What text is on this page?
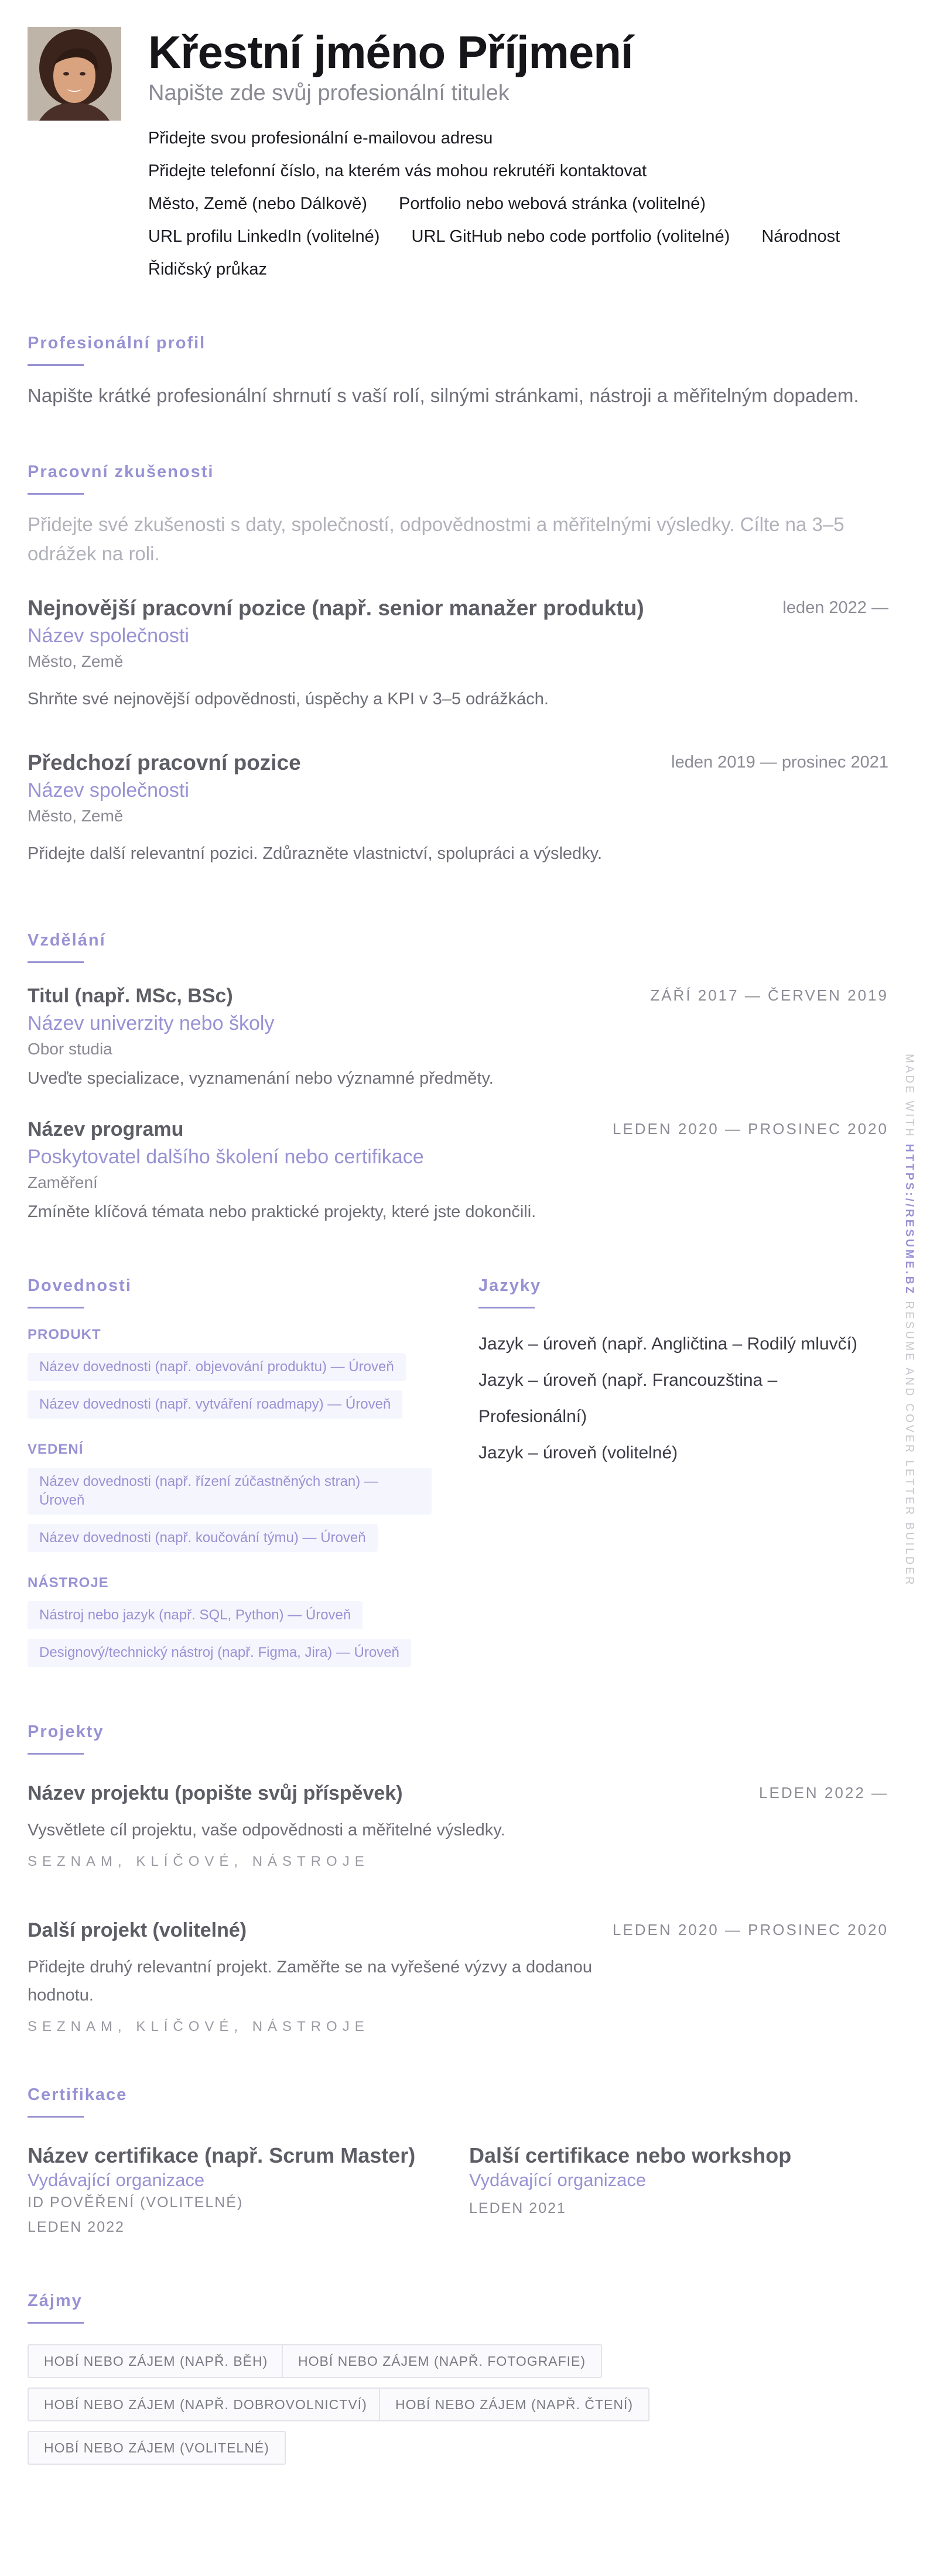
Křestní jméno Příjmení
Napište zde svůj profesionální titulek
Přidejte svou profesionální e-mailovou adresu
Přidejte telefonní číslo, na kterém vás mohou rekrutéři kontaktovat
Město, Země (nebo Dálkově) Portfolio nebo webová stránka (volitelné)
URL profilu LinkedIn (volitelné) URL GitHub nebo code portfolio (volitelné) Národnost
Řidičský průkaz
Profesionální profil
Napište krátké profesionální shrnutí s vaší rolí, silnými stránkami, nástroji a měřitelným dopadem.
Pracovní zkušenosti
Přidejte své zkušenosti s daty, společností, odpovědnostmi a měřitelnými výsledky. Cílte na 3–5 odrážek na roli.
Nejnovější pracovní pozice (např. senior manažer produktu)	leden 2022 —
Název společnosti
Město, Země
Shrňte své nejnovější odpovědnosti, úspěchy a KPI v 3–5 odrážkách.
Předchozí pracovní pozice	leden 2019 — prosinec 2021
Název společnosti
Město, Země
Přidejte další relevantní pozici. Zdůrazněte vlastnictví, spolupráci a výsledky.
Vzdělání
Titul (např. MSc, BSc)	ZÁŘÍ 2017 — ČERVEN 2019
Název univerzity nebo školy
Obor studia
Uveďte specializace, vyznamenání nebo významné předměty.
Název programu	LEDEN 2020 — PROSINEC 2020
Poskytovatel dalšího školení nebo certifikace
Zaměření
Zmíněte klíčová témata nebo praktické projekty, které jste dokončili.
Dovednosti
PRODUKT
Název dovednosti (např. objevování produktu) — Úroveň
Název dovednosti (např. vytváření roadmapy) — Úroveň
VEDENÍ
Název dovednosti (např. řízení zúčastněných stran) — Úroveň
Název dovednosti (např. koučování týmu) — Úroveň
NÁSTROJE
Nástroj nebo jazyk (např. SQL, Python) — Úroveň
Designový/technický nástroj (např. Figma, Jira) — Úroveň
Jazyky
Jazyk – úroveň (např. Angličtina – Rodilý mluvčí)
Jazyk – úroveň (např. Francouzština – Profesionální)
Jazyk – úroveň (volitelné)
Projekty
Název projektu (popište svůj příspěvek)	LEDEN 2022 —
Vysvětlete cíl projektu, vaše odpovědnosti a měřitelné výsledky.
SEZNAM, KLÍČOVÉ, NÁSTROJE
Další projekt (volitelné)	LEDEN 2020 — PROSINEC 2020
Přidejte druhý relevantní projekt. Zaměřte se na vyřešené výzvy a dodanou hodnotu.
SEZNAM, KLÍČOVÉ, NÁSTROJE
Certifikace
Název certifikace (např. Scrum Master)
Vydávající organizace
ID POVĚŘENÍ (VOLITELNÉ)
LEDEN 2022
Další certifikace nebo workshop
Vydávající organizace
LEDEN 2021
Zájmy
HOBÍ NEBO ZÁJEM (NAPŘ. BĚH)	HOBÍ NEBO ZÁJEM (NAPŘ. FOTOGRAFIE)
HOBÍ NEBO ZÁJEM (NAPŘ. DOBROVOLNICTVÍ)	HOBÍ NEBO ZÁJEM (NAPŘ. ČTENÍ)
HOBÍ NEBO ZÁJEM (VOLITELNÉ)
MADE WITH HTTPS://RESUME.BZ RESUME AND COVER LETTER BUILDER
